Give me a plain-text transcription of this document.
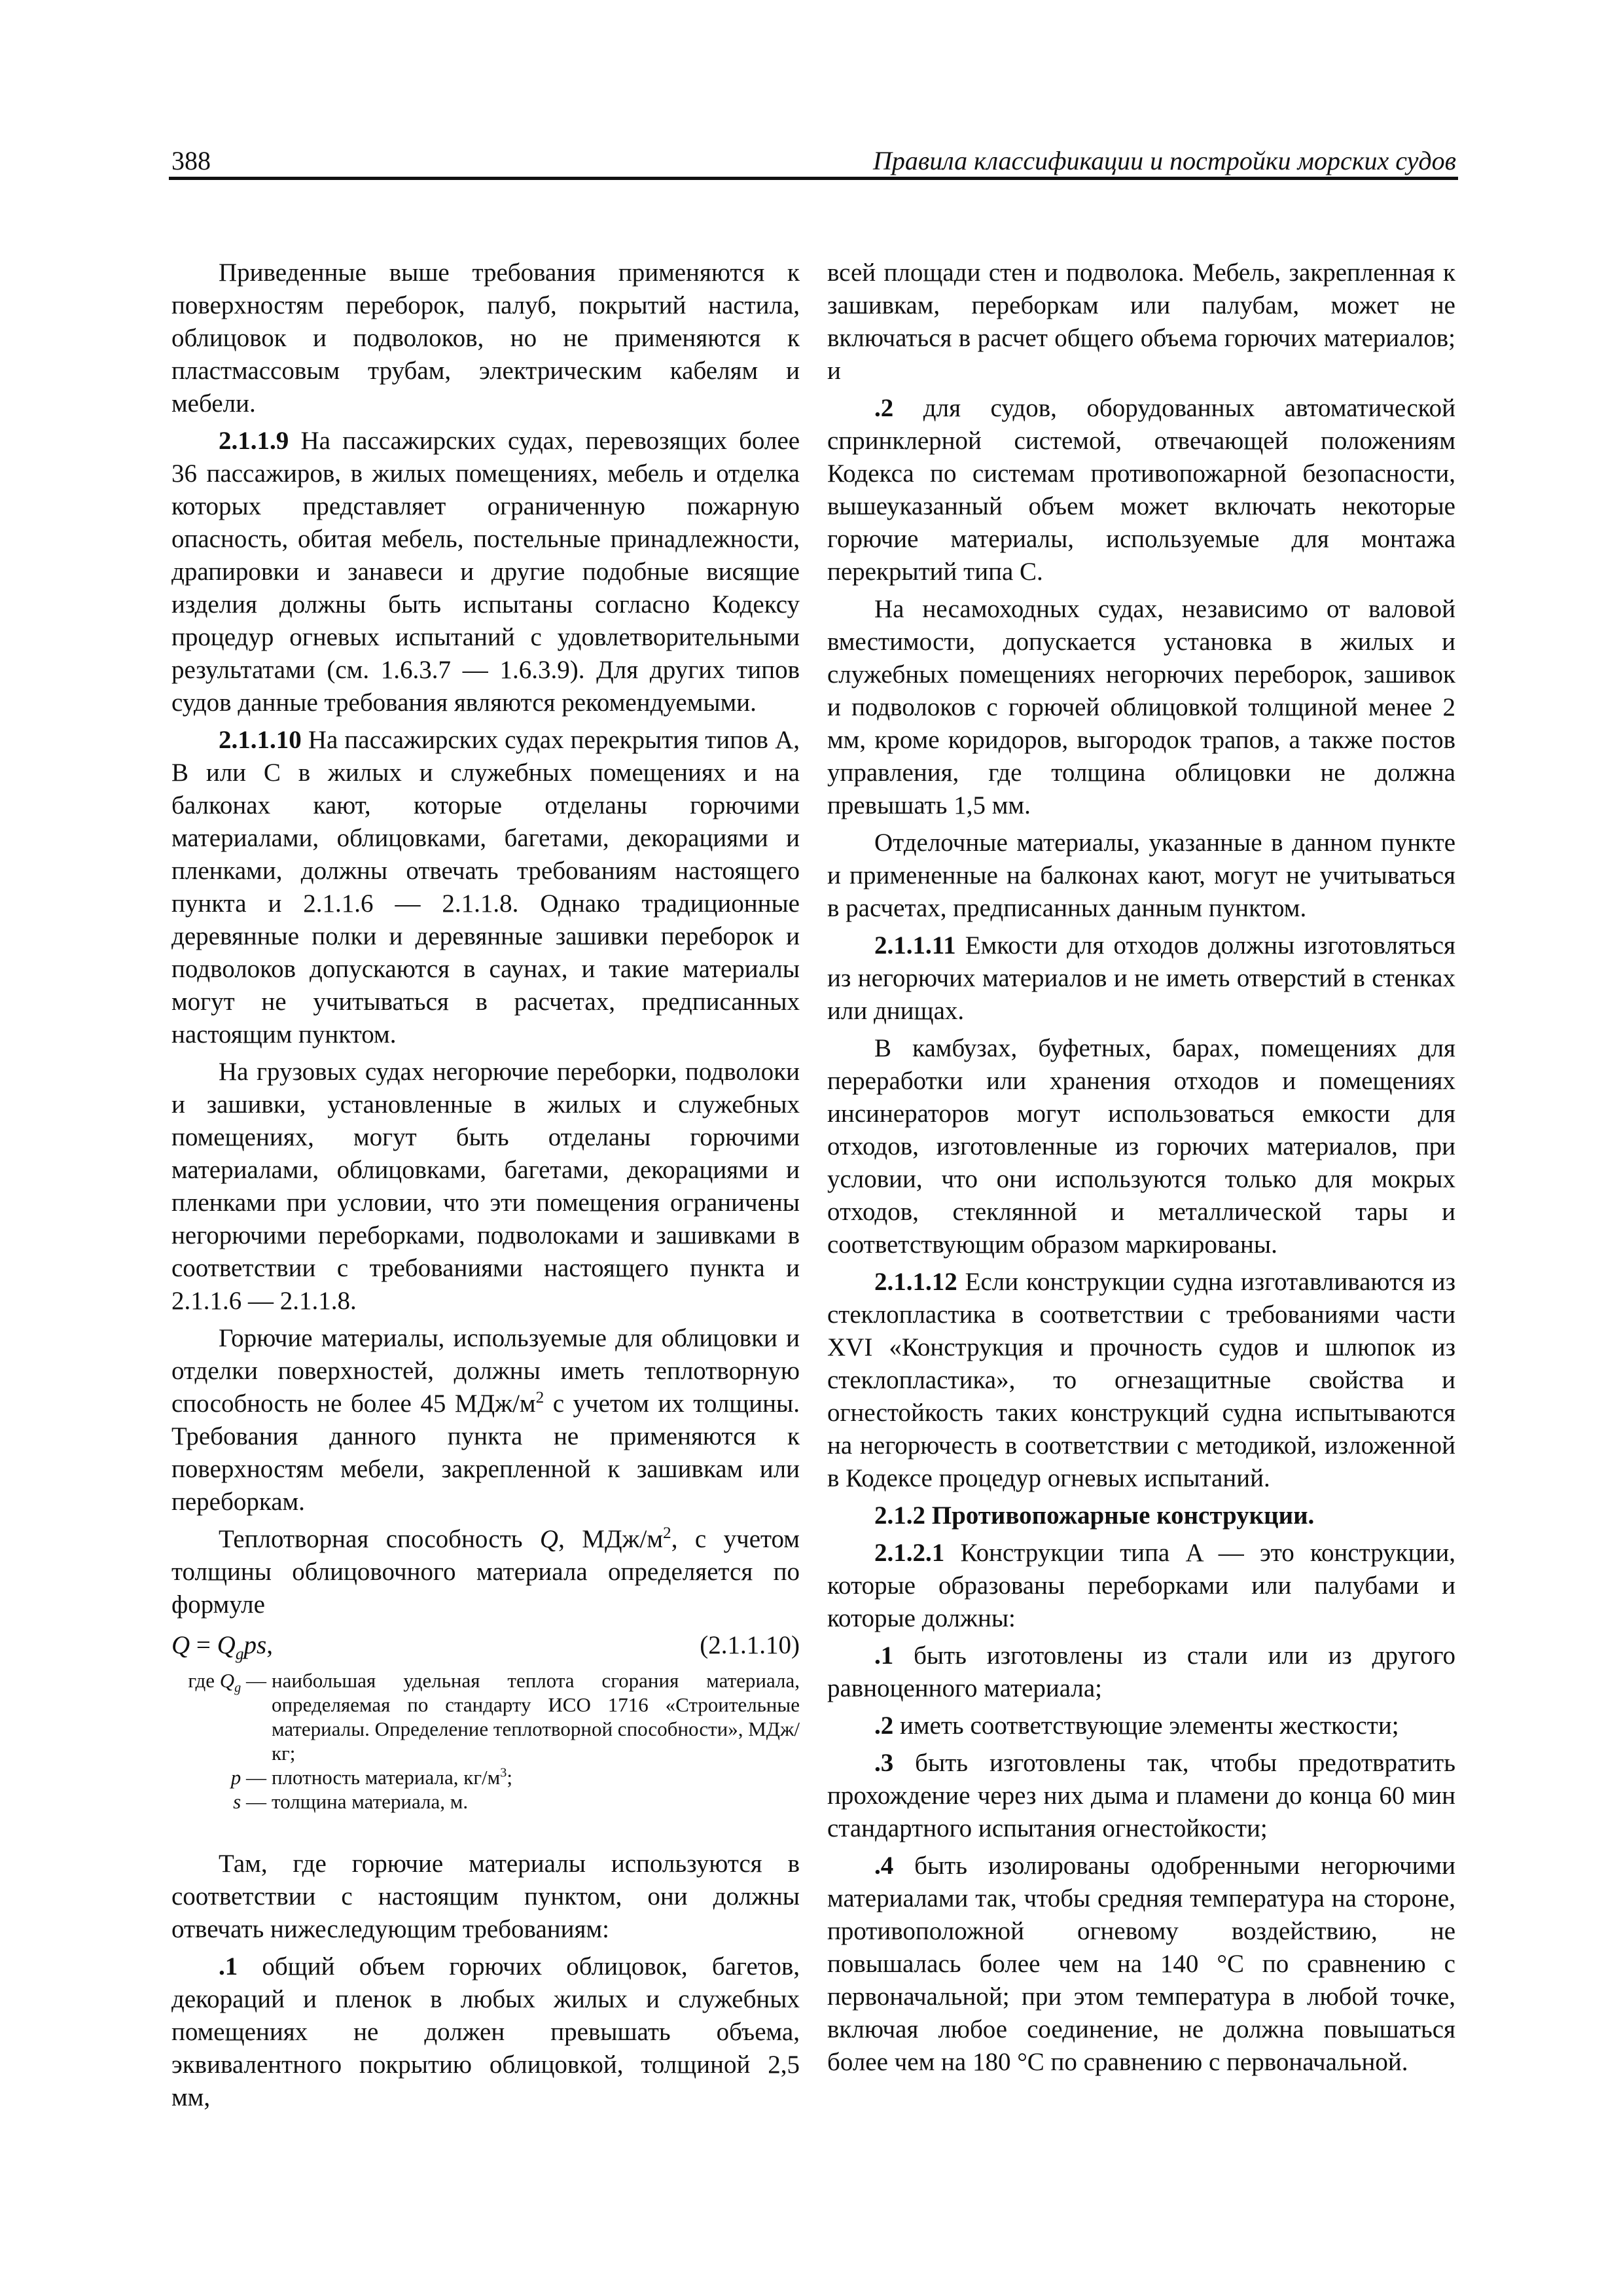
388	Правила классификации и постройки морских судов

Приведенные выше требования применяются к поверхностям переборок, палуб, покрытий настила, облицовок и подволоков, но не применяются к пластмассовым трубам, электрическим кабелям и мебели.

2.1.1.9 На пассажирских судах, перевозящих более 36 пассажиров, в жилых помещениях, мебель и отделка которых представляет ограниченную пожарную опасность, обитая мебель, постельные принадлежности, драпировки и занавеси и другие подобные висящие изделия должны быть испытаны согласно Кодексу процедур огневых испытаний с удовлетворительными результатами (см. 1.6.3.7 — 1.6.3.9). Для других типов судов данные требования являются рекомендуемыми.

2.1.1.10 На пассажирских судах перекрытия типов A, B или C в жилых и служебных помещениях и на балконах кают, которые отделаны горючими материалами, облицовками, багетами, декорациями и пленками, должны отвечать требованиям настоящего пункта и 2.1.1.6 — 2.1.1.8. Однако традиционные деревянные полки и деревянные зашивки переборок и подволоков допускаются в саунах, и такие материалы могут не учитываться в расчетах, предписанных настоящим пунктом.

На грузовых судах негорючие переборки, подволоки и зашивки, установленные в жилых и служебных помещениях, могут быть отделаны горючими материалами, облицовками, багетами, декорациями и пленками при условии, что эти помещения ограничены негорючими переборками, подволоками и зашивками в соответствии с требованиями настоящего пункта и 2.1.1.6 — 2.1.1.8.

Горючие материалы, используемые для облицовки и отделки поверхностей, должны иметь теплотворную способность не более 45 МДж/$м^2$ с учетом их толщины. Требования данного пункта не применяются к поверхностям мебели, закрепленной к зашивкам или переборкам.

Теплотворная способность Q, МДж/$м^2$, с учетом толщины облицовочного материала определяется по формуле

$Q = Q_gps$,	(2.1.1.10)
где $Q_g$ — наибольшая удельная теплота сгорания материала, определяемая по стандарту ИСО 1716 «Строительные материалы. Определение теплотворной способности», МДж/кг;
p — плотность материала, $кг/м^3$;
s — толщина материала, м.

Там, где горючие материалы используются в соответствии с настоящим пунктом, они должны отвечать нижеследующим требованиям:

.1 общий объем горючих облицовок, багетов, декораций и пленок в любых жилых и служебных помещениях не должен превышать объема, эквивалентного покрытию облицовкой, толщиной 2,5 мм,

всей площади стен и подволока. Мебель, закрепленная к зашивкам, переборкам или палубам, может не включаться в расчет общего объема горючих материалов; и

.2 для судов, оборудованных автоматической спринклерной системой, отвечающей положениям Кодекса по системам противопожарной безопасности, вышеуказанный объем может включать некоторые горючие материалы, используемые для монтажа перекрытий типа C.

На несамоходных судах, независимо от валовой вместимости, допускается установка в жилых и служебных помещениях негорючих переборок, зашивок и подволоков с горючей облицовкой толщиной менее 2 мм, кроме коридоров, выгородок трапов, а также постов управления, где толщина облицовки не должна превышать 1,5 мм.

Отделочные материалы, указанные в данном пункте и примененные на балконах кают, могут не учитываться в расчетах, предписанных данным пунктом.

2.1.1.11 Емкости для отходов должны изготовляться из негорючих материалов и не иметь отверстий в стенках или днищах.

В камбузах, буфетных, барах, помещениях для переработки или хранения отходов и помещениях инсинераторов могут использоваться емкости для отходов, изготовленные из горючих материалов, при условии, что они используются только для мокрых отходов, стеклянной и металлической тары и соответствующим образом маркированы.

2.1.1.12 Если конструкции судна изготавливаются из стеклопластика в соответствии с требованиями части XVI «Конструкция и прочность судов и шлюпок из стеклопластика», то огнезащитные свойства и огнестойкость таких конструкций судна испытываются на негорючесть в соответствии с методикой, изложенной в Кодексе процедур огневых испытаний.

2.1.2 Противопожарные конструкции.

2.1.2.1 Конструкции типа A — это конструкции, которые образованы переборками или палубами и которые должны:

.1 быть изготовлены из стали или из другого равноценного материала;

.2 иметь соответствующие элементы жесткости;

.3 быть изготовлены так, чтобы предотвратить прохождение через них дыма и пламени до конца 60 мин стандартного испытания огнестойкости;

.4 быть изолированы одобренными негорючими материалами так, чтобы средняя температура на стороне, противоположной огневому воздействию, не повышалась более чем на 140 °C по сравнению с первоначальной; при этом температура в любой точке, включая любое соединение, не должна повышаться более чем на 180 °C по сравнению с первоначальной.
